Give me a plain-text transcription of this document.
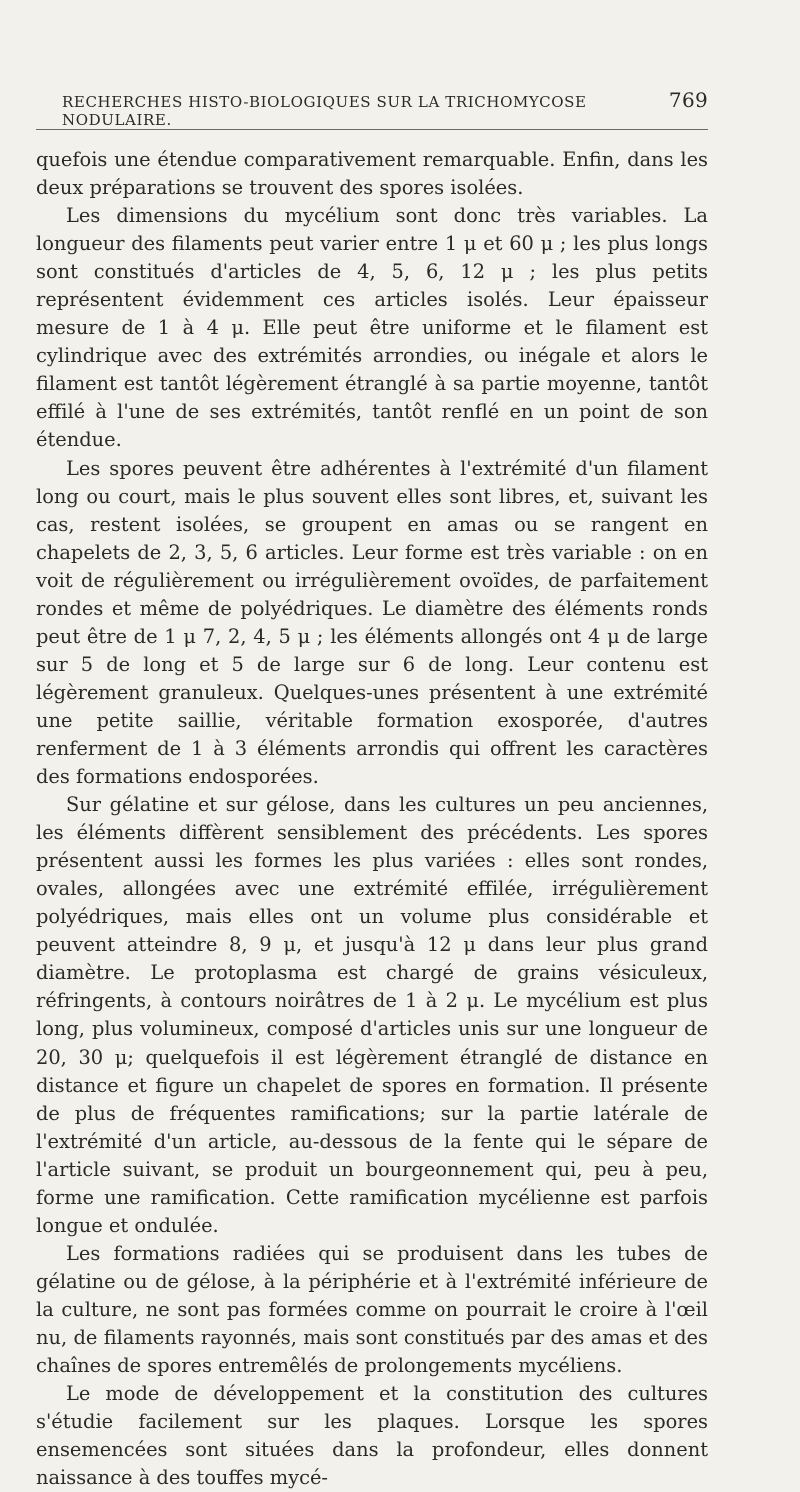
RECHERCHES HISTO-BIOLOGIQUES SUR LA TRICHOMYCOSE NODULAIRE.
769

quefois une étendue comparativement remarquable. Enfin, dans les deux préparations se trouvent des spores isolées.

Les dimensions du mycélium sont donc très variables. La longueur des filaments peut varier entre 1 μ et 60 μ ; les plus longs sont constitués d'articles de 4, 5, 6, 12 μ ; les plus petits représentent évidemment ces articles isolés. Leur épaisseur mesure de 1 à 4 μ. Elle peut être uniforme et le filament est cylindrique avec des extrémités arrondies, ou inégale et alors le filament est tantôt légèrement étranglé à sa partie moyenne, tantôt effilé à l'une de ses extrémités, tantôt renflé en un point de son étendue.

Les spores peuvent être adhérentes à l'extrémité d'un filament long ou court, mais le plus souvent elles sont libres, et, suivant les cas, restent isolées, se groupent en amas ou se rangent en chapelets de 2, 3, 5, 6 articles. Leur forme est très variable : on en voit de régulièrement ou irrégulièrement ovoïdes, de parfaitement rondes et même de polyédriques. Le diamètre des éléments ronds peut être de 1 μ 7, 2, 4, 5 μ ; les éléments allongés ont 4 μ de large sur 5 de long et 5 de large sur 6 de long. Leur contenu est légèrement granuleux. Quelques-unes présentent à une extrémité une petite saillie, véritable formation exosporée, d'autres renferment de 1 à 3 éléments arrondis qui offrent les caractères des formations endosporées.

Sur gélatine et sur gélose, dans les cultures un peu anciennes, les éléments diffèrent sensiblement des précédents. Les spores présentent aussi les formes les plus variées : elles sont rondes, ovales, allongées avec une extrémité effilée, irrégulièrement polyédriques, mais elles ont un volume plus considérable et peuvent atteindre 8, 9 μ, et jusqu'à 12 μ dans leur plus grand diamètre. Le protoplasma est chargé de grains vésiculeux, réfringents, à contours noirâtres de 1 à 2 μ. Le mycélium est plus long, plus volumineux, composé d'articles unis sur une longueur de 20, 30 μ; quelquefois il est légèrement étranglé de distance en distance et figure un chapelet de spores en formation. Il présente de plus de fréquentes ramifications; sur la partie latérale de l'extrémité d'un article, au-dessous de la fente qui le sépare de l'article suivant, se produit un bourgeonnement qui, peu à peu, forme une ramification. Cette ramification mycélienne est parfois longue et ondulée.

Les formations radiées qui se produisent dans les tubes de gélatine ou de gélose, à la périphérie et à l'extrémité inférieure de la culture, ne sont pas formées comme on pourrait le croire à l'œil nu, de filaments rayonnés, mais sont constitués par des amas et des chaînes de spores entremêlés de prolongements mycéliens.

Le mode de développement et la constitution des cultures s'étudie facilement sur les plaques. Lorsque les spores ensemencées sont situées dans la profondeur, elles donnent naissance à des touffes mycé-
